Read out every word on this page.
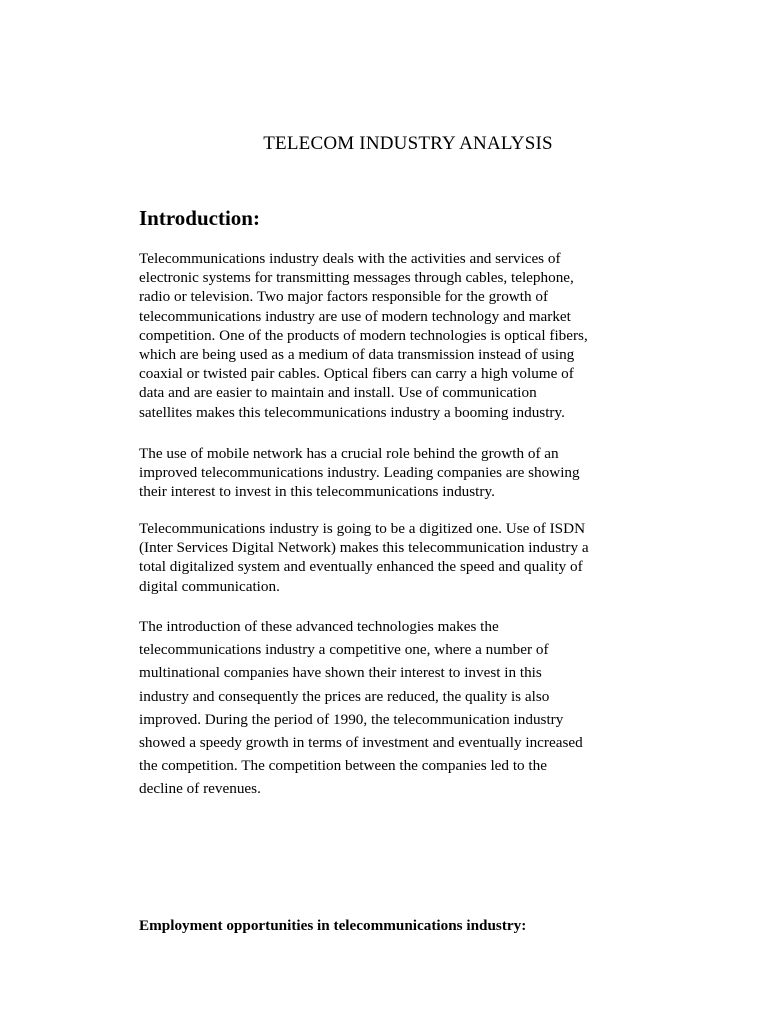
TELECOM INDUSTRY ANALYSIS
Introduction:

Telecommunications industry deals with the activities and services of
electronic systems for transmitting messages through cables, telephone,
radio or television. Two major factors responsible for the growth of
telecommunications industry are use of modern technology and market
competition. One of the products of modern technologies is optical fibers,
which are being used as a medium of data transmission instead of using
coaxial or twisted pair cables. Optical fibers can carry a high volume of
data and are easier to maintain and install. Use of communication
satellites makes this telecommunications industry a booming industry.

The use of mobile network has a crucial role behind the growth of an
improved telecommunications industry. Leading companies are showing
their interest to invest in this telecommunications industry.

Telecommunications industry is going to be a digitized one. Use of ISDN
(Inter Services Digital Network) makes this telecommunication industry a
total digitalized system and eventually enhanced the speed and quality of
digital communication.

The introduction of these advanced technologies makes the
telecommunications industry a competitive one, where a number of
multinational companies have shown their interest to invest in this
industry and consequently the prices are reduced, the quality is also
improved. During the period of 1990, the telecommunication industry
showed a speedy growth in terms of investment and eventually increased
the competition. The competition between the companies led to the
decline of revenues.

Employment opportunities in telecommunications industry:
